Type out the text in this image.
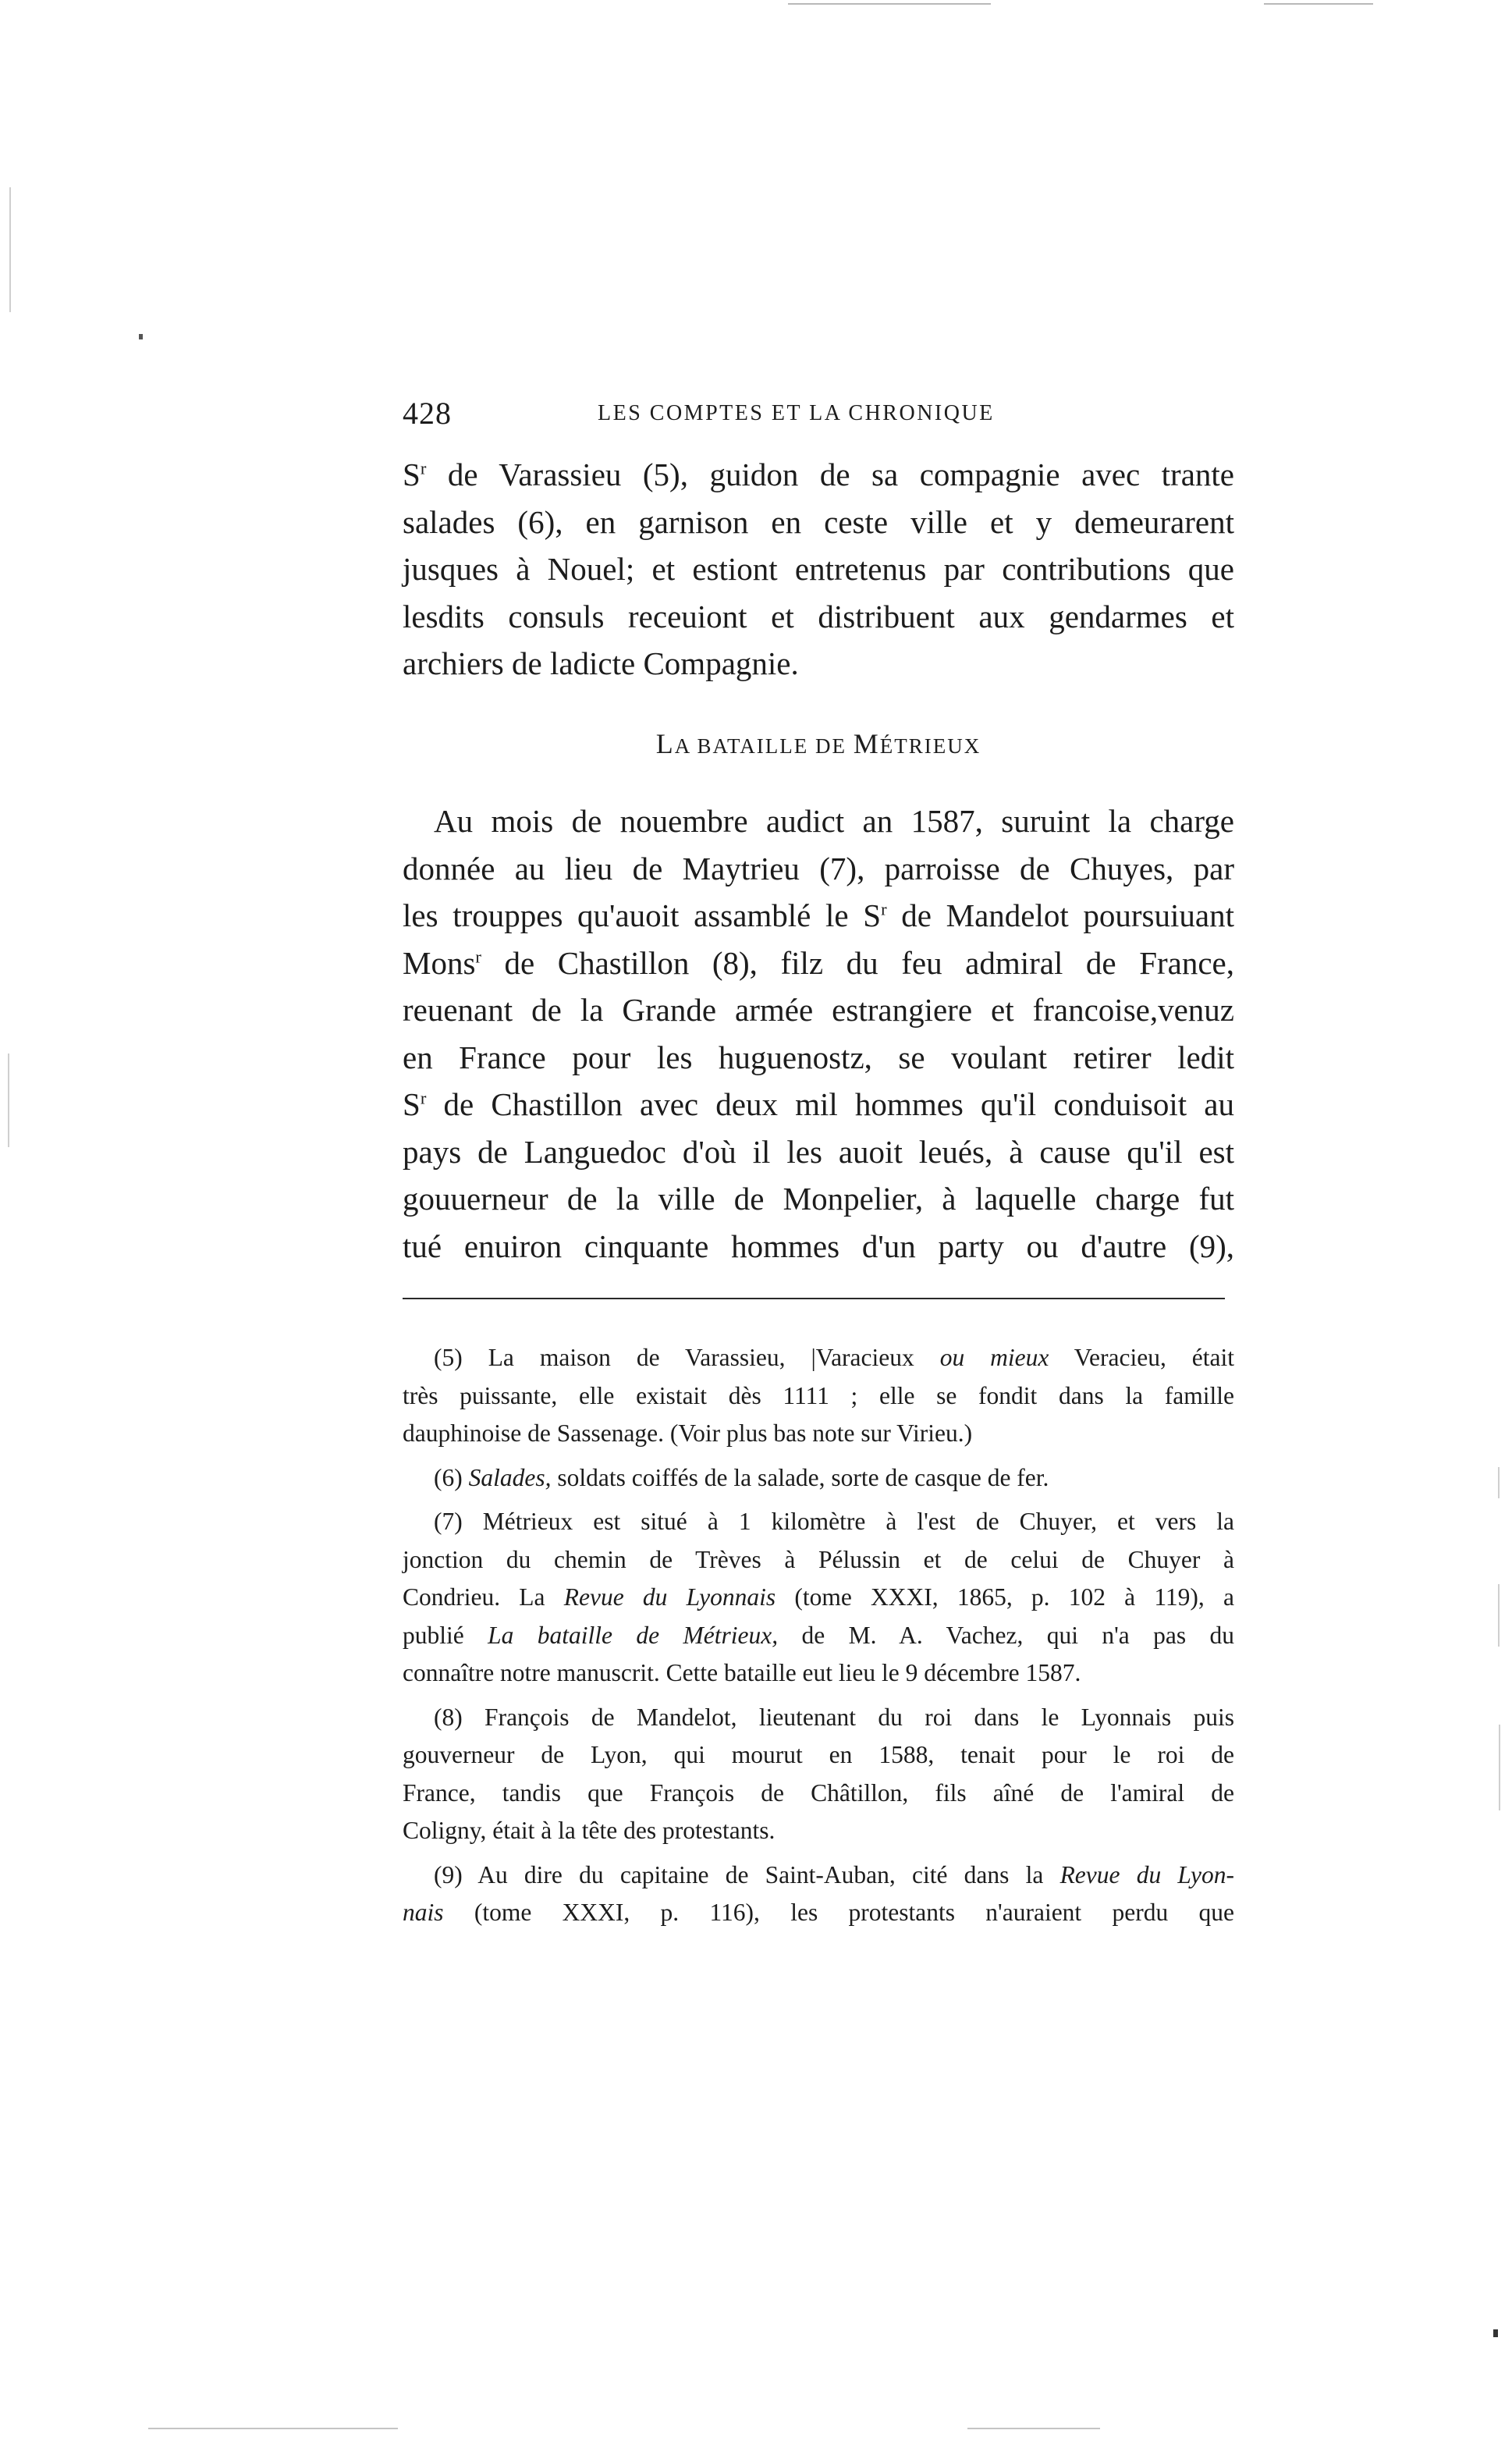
428	LES COMPTES ET LA CHRONIQUE
$S^r$ de Varassieu (5), guidon de sa compagnie avec trante
salades (6), en garnison en ceste ville et y demeurarent
jusques à Nouel; et estiont entretenus par contributions que
lesdits consuls receuiont et distribuent aux gendarmes et
archiers de ladicte Compagnie.
LA BATAILLE DE MÉTRIEUX
Au mois de nouembre audict an 1587, suruint la charge
donnée au lieu de Maytrieu (7), parroisse de Chuyes, par
les trouppes qu'auoit assamblé le $S^r$ de Mandelot poursuiuant
Mons$^r$ de Chastillon (8), filz du feu admiral de France,
reuenant de la Grande armée estrangiere et francoise,venuz
en France pour les huguenostz, se voulant retirer ledit
$S^r$ de Chastillon avec deux mil hommes qu'il conduisoit au
pays de Languedoc d'où il les auoit leués, à cause qu'il est
gouuerneur de la ville de Monpelier, à laquelle charge fut
tué enuiron cinquante hommes d'un party ou d'autre (9),
(5) La maison de Varassieu, |Varacieux ou mieux Veracieu, était
très puissante, elle existait dès 1111 ; elle se fondit dans la famille
dauphinoise de Sassenage. (Voir plus bas note sur Virieu.)
(6) Salades, soldats coiffés de la salade, sorte de casque de fer.
(7) Métrieux est situé à 1 kilomètre à l'est de Chuyer, et vers la
jonction du chemin de Trèves à Pélussin et de celui de Chuyer à
Condrieu. La Revue du Lyonnais (tome XXXI, 1865, p. 102 à 119), a
publié La bataille de Métrieux, de M. A. Vachez, qui n'a pas du
connaître notre manuscrit. Cette bataille eut lieu le 9 décembre 1587.
(8) François de Mandelot, lieutenant du roi dans le Lyonnais puis
gouverneur de Lyon, qui mourut en 1588, tenait pour le roi de
France, tandis que François de Châtillon, fils aîné de l'amiral de
Coligny, était à la tête des protestants.
(9) Au dire du capitaine de Saint-Auban, cité dans la Revue du Lyon-
nais (tome XXXI, p. 116), les protestants n'auraient perdu que
